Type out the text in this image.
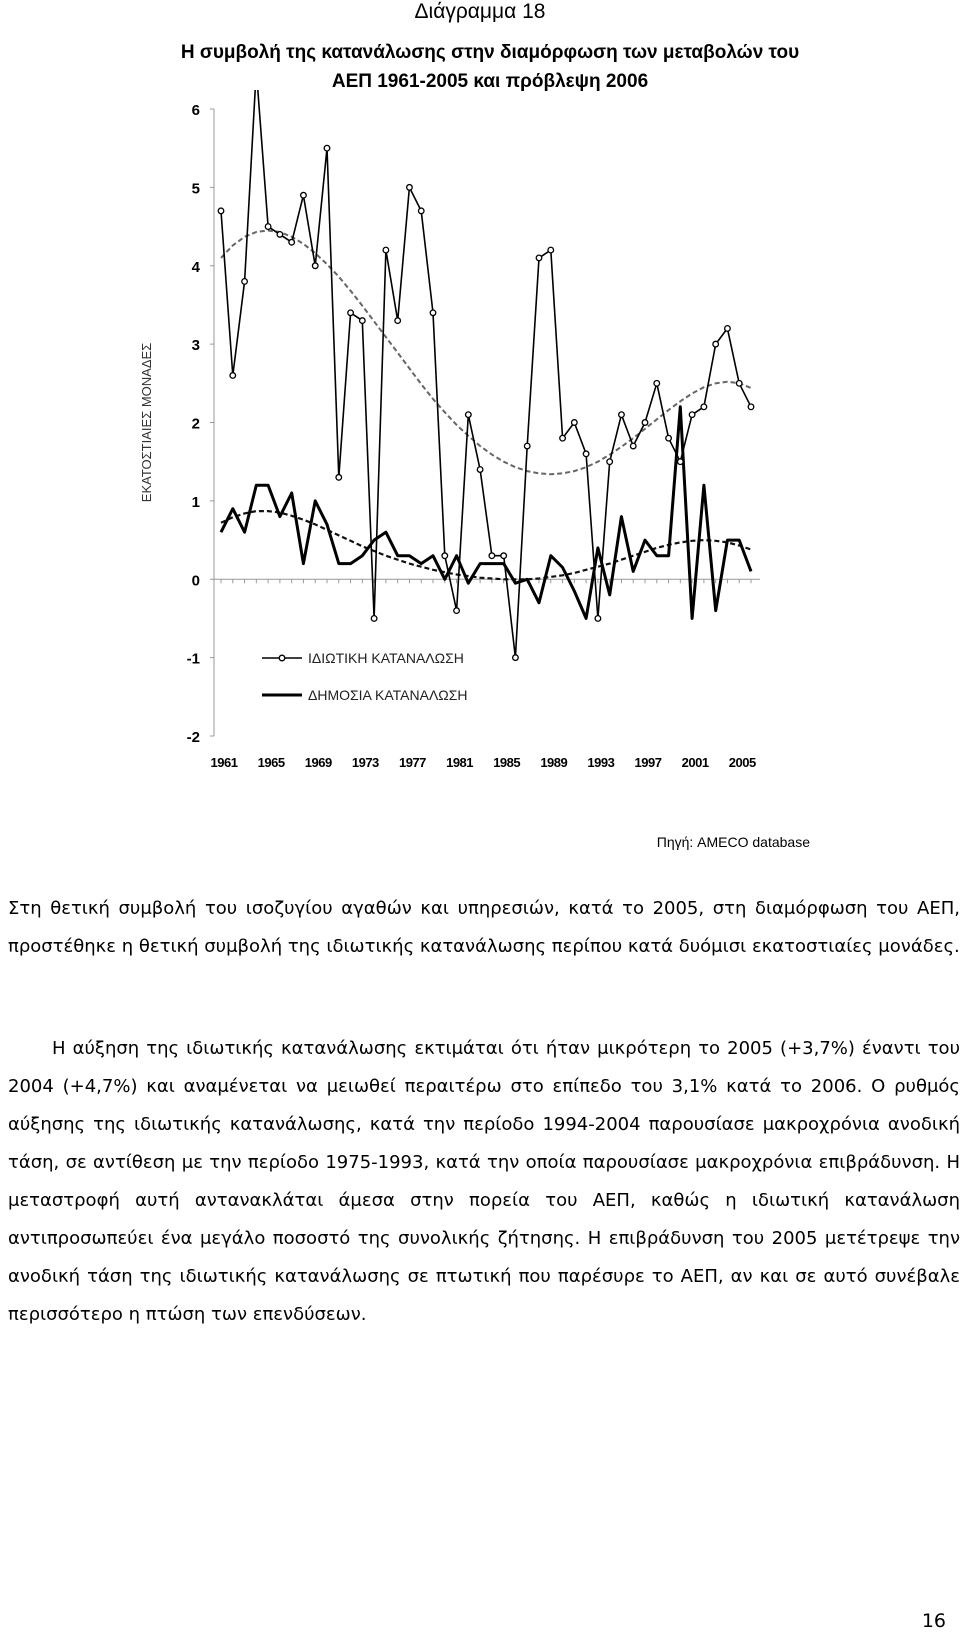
Διάγραμμα 18
Η συμβολή της κατανάλωσης στην διαμόρφωση των μεταβολών του ΑΕΠ 1961-2005 και πρόβλεψη 2006
-2
-1
0
1
2
3
4
5
6
1961 1965 1969 1973 1977 1981 1985 1989 1993 1997 2001 2005
ΙΔΙΩΤΙΚΗ ΚΑΤΑΝΑΛΩΣΗ
ΔΗΜΟΣΙΑ ΚΑΤΑΝΑΛΩΣΗ
ΕΚΑΤΟΣΤΙΑΙΕΣ ΜΟΝΑΔΕΣ
Πηγή: AMECO database

Στη θετική συμβολή του ισοζυγίου αγαθών και υπηρεσιών, κατά το 2005, στη διαμόρφωση του ΑΕΠ, προστέθηκε η θετική συμβολή της ιδιωτικής κατανάλωσης περίπου κατά δυόμισι εκατοστιαίες μονάδες.

Η αύξηση της ιδιωτικής κατανάλωσης εκτιμάται ότι ήταν μικρότερη το 2005 (+3,7%) έναντι του 2004 (+4,7%) και αναμένεται να μειωθεί περαιτέρω στο επίπεδο του 3,1% κατά το 2006. Ο ρυθμός αύξησης της ιδιωτικής κατανάλωσης, κατά την περίοδο 1994-2004 παρουσίασε μακροχρόνια ανοδική τάση, σε αντίθεση με την περίοδο 1975-1993, κατά την οποία παρουσίασε μακροχρόνια επιβράδυνση. Η μεταστροφή αυτή αντανακλάται άμεσα στην πορεία του ΑΕΠ, καθώς η ιδιωτική κατανάλωση αντιπροσωπεύει ένα μεγάλο ποσοστό της συνολικής ζήτησης. Η επιβράδυνση του 2005 μετέτρεψε την ανοδική τάση της ιδιωτικής κατανάλωσης σε πτωτική που παρέσυρε το ΑΕΠ, αν και σε αυτό συνέβαλε περισσότερο η πτώση των επενδύσεων.

16
